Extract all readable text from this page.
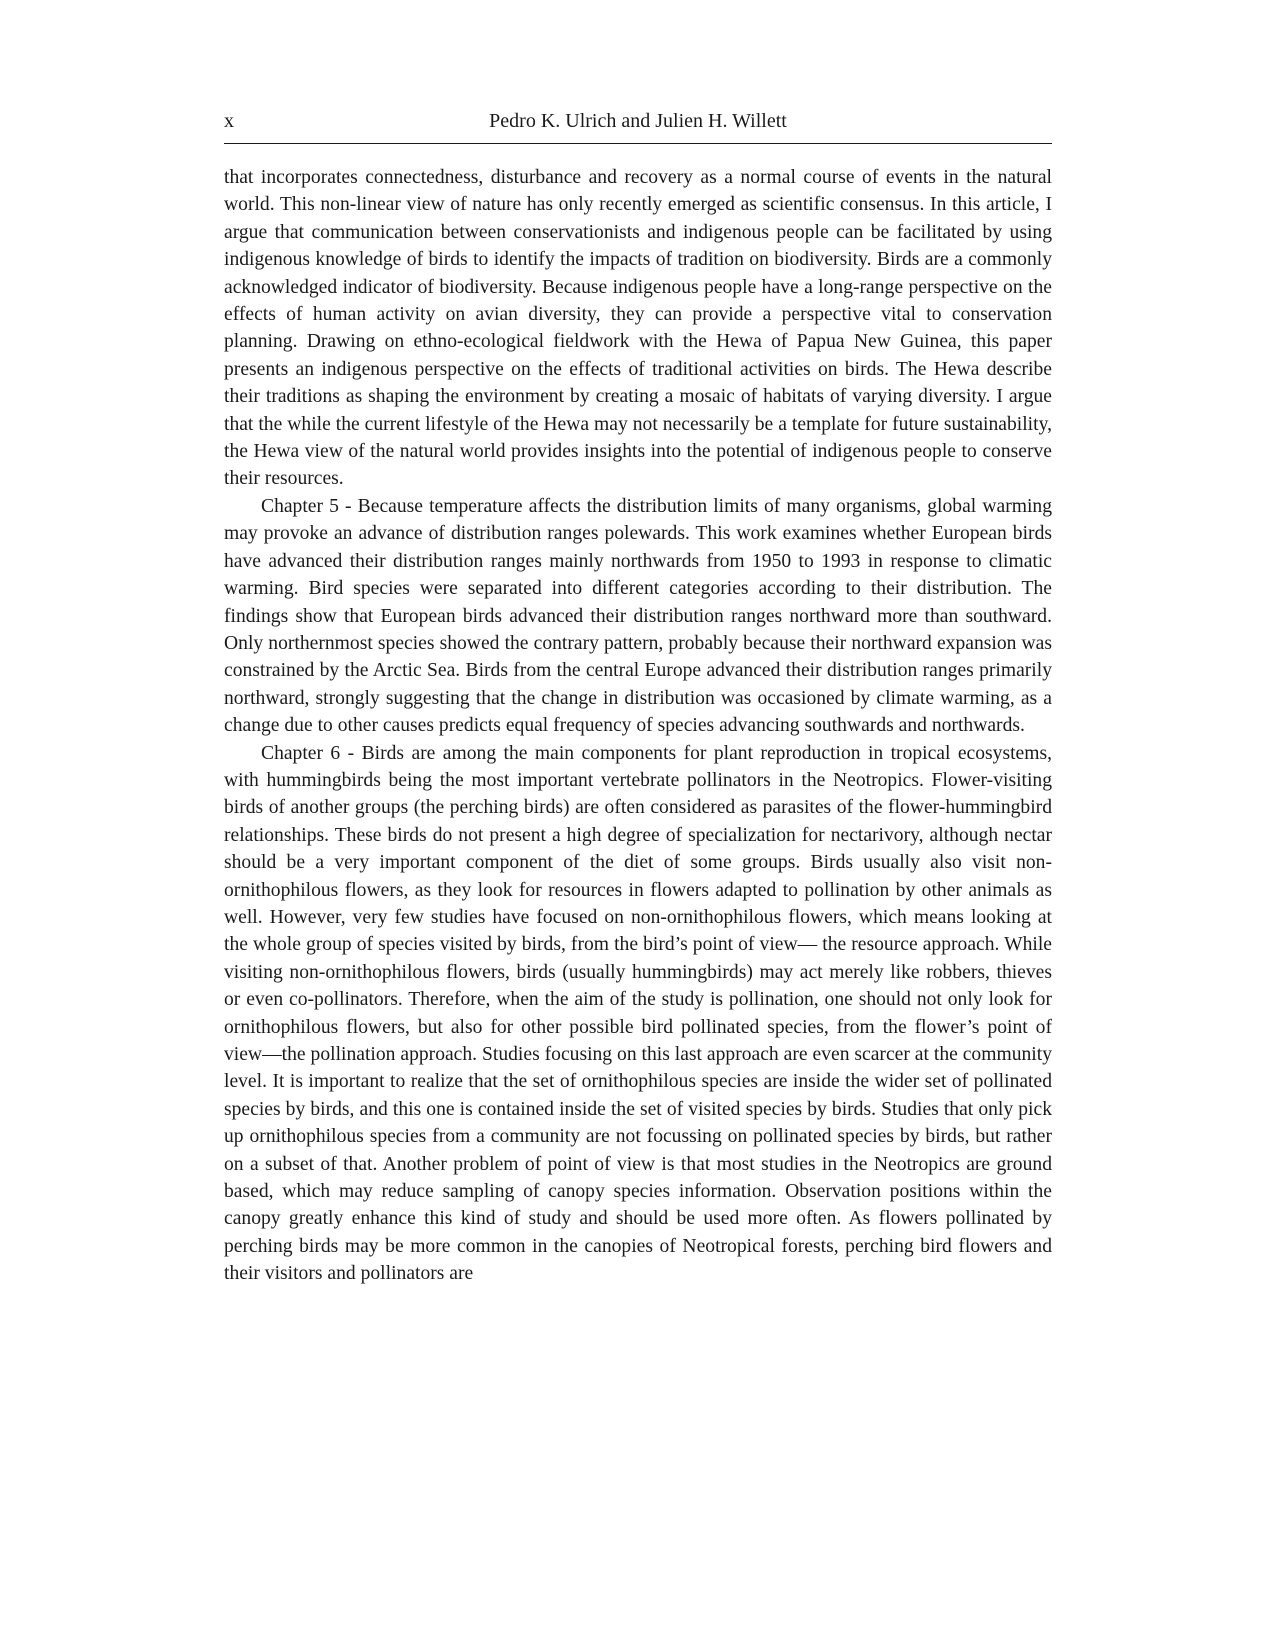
x	Pedro K. Ulrich and Julien H. Willett

that incorporates connectedness, disturbance and recovery as a normal course of events in the natural world. This non-linear view of nature has only recently emerged as scientific consensus. In this article, I argue that communication between conservationists and indigenous people can be facilitated by using indigenous knowledge of birds to identify the impacts of tradition on biodiversity. Birds are a commonly acknowledged indicator of biodiversity. Because indigenous people have a long-range perspective on the effects of human activity on avian diversity, they can provide a perspective vital to conservation planning. Drawing on ethno-ecological fieldwork with the Hewa of Papua New Guinea, this paper presents an indigenous perspective on the effects of traditional activities on birds. The Hewa describe their traditions as shaping the environment by creating a mosaic of habitats of varying diversity. I argue that the while the current lifestyle of the Hewa may not necessarily be a template for future sustainability, the Hewa view of the natural world provides insights into the potential of indigenous people to conserve their resources.

Chapter 5 - Because temperature affects the distribution limits of many organisms, global warming may provoke an advance of distribution ranges polewards. This work examines whether European birds have advanced their distribution ranges mainly northwards from 1950 to 1993 in response to climatic warming. Bird species were separated into different categories according to their distribution. The findings show that European birds advanced their distribution ranges northward more than southward. Only northernmost species showed the contrary pattern, probably because their northward expansion was constrained by the Arctic Sea. Birds from the central Europe advanced their distribution ranges primarily northward, strongly suggesting that the change in distribution was occasioned by climate warming, as a change due to other causes predicts equal frequency of species advancing southwards and northwards.

Chapter 6 - Birds are among the main components for plant reproduction in tropical ecosystems, with hummingbirds being the most important vertebrate pollinators in the Neotropics. Flower-visiting birds of another groups (the perching birds) are often considered as parasites of the flower-hummingbird relationships. These birds do not present a high degree of specialization for nectarivory, although nectar should be a very important component of the diet of some groups. Birds usually also visit non-ornithophilous flowers, as they look for resources in flowers adapted to pollination by other animals as well. However, very few studies have focused on non-ornithophilous flowers, which means looking at the whole group of species visited by birds, from the bird’s point of view— the resource approach. While visiting non-ornithophilous flowers, birds (usually hummingbirds) may act merely like robbers, thieves or even co-pollinators. Therefore, when the aim of the study is pollination, one should not only look for ornithophilous flowers, but also for other possible bird pollinated species, from the flower’s point of view—the pollination approach. Studies focusing on this last approach are even scarcer at the community level. It is important to realize that the set of ornithophilous species are inside the wider set of pollinated species by birds, and this one is contained inside the set of visited species by birds. Studies that only pick up ornithophilous species from a community are not focussing on pollinated species by birds, but rather on a subset of that. Another problem of point of view is that most studies in the Neotropics are ground based, which may reduce sampling of canopy species information. Observation positions within the canopy greatly enhance this kind of study and should be used more often. As flowers pollinated by perching birds may be more common in the canopies of Neotropical forests, perching bird flowers and their visitors and pollinators are
